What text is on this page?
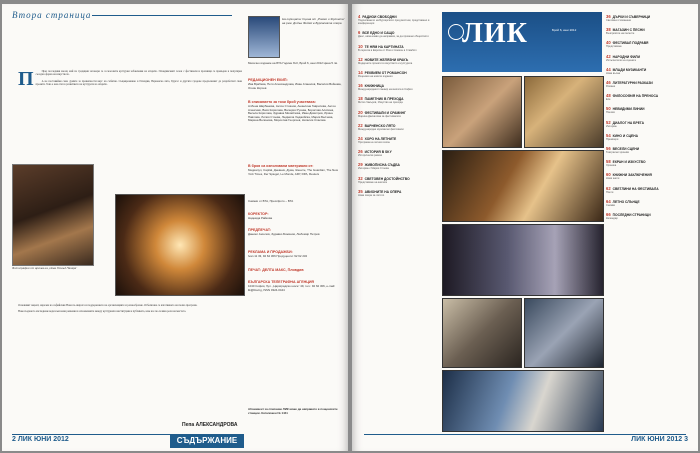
Втора страница

П	През последния месец май по традиция заговори се за масовите културни забавления на открито. Пловдивският сезон с фестивали и празници се превърна в популярна съседна форма на изкуството.

А не поставяйки само думите за правилности вкус на събитие. Същевременно в Пловдив, Варненско лято, Бургас и другите градове продължават да разработват свои проекти. Това е нов етап в развитието на културата на открито.

Фотография от архива на „Нова Отвъд Пазара“

Основният акцент, наречен на софийския Нова по-широта и поддържането на организациите и разнообразие. Отбелязана се изготвянето на пълна програма.

Новосъзданото изследване води към нови решения в отношенията между културните институции и публиката, към все по-голяма роля на мястото.

Пепа АЛЕКСАНДРОВА
2 ЛИК ЮНИ 2012	СЪДЪРЖАНИЕ
На корицата: Сцена от „Ромео и Жулиета“ на реж. Дийън Фиймс в Бургаската опера
Месечно издание на БТА Година XLII, Брой 6, юни 2012 Цена 5 лв.
РЕДАКЦИОНЕН ЕКИП:
Ива Врабева, Петя Александрова, Иван Атанасов, Василия Войнова, Огнян Кирчев
В списанието за този брой участваха:
Албена Шарбанова, Антон Стоянов, Анжелина Гаврилова, Антон Алексиев, Вася Кирилова, Валерия Русева, Борислав Алипиев, Весела Кирилова, Здравка Михайлова, Иван Димитров, Ирина Павлова, Лилия Стоева, Людмила Хаджийска, Мария Белчева, Марина Велинова, Мирослав Георгиев, Наталия Спасова
В броя са използвани материали от:
Медиапул, Capital, Дневник, Дума, Жените, The Guardian, The New York Times, Der Spiegel, Le Monde, AFP, DPA, Reuters
Снимки от БТА, Прессфото – БТА
КОРЕКТОР:
Надежда Райкова
ПРЕДПЕЧАТ:
Даниел Ангелов, Здравко Божинов, Любомир Петров
РЕКЛАМА И ПРОДАЖБИ:
Ivan 11 33, 92 62 306 Продуценти: 92 62 232
ПЕЧАТ: ДЕЛТА МАКС, Пловдив
БЪЛГАРСКА ТЕЛЕГРАФНА АГЕНЦИЯ
1040 София, бул. „Цариградско шосе“ 49, тел.: 92 62 306, e-mail: lik@bta.bg, ISSN 0324-0444
Абонамент за списание ЛИК може да направите в пощенските станции. Каталожен № 1441
4 РАДИОИ СВОБОДНИ
Подписването на Бургарското пред вестник, представено в конференция
6 ВСЕ ЕДНО И САЩО
Днес, няма какво да направим, за да промени обществото
10 ТЕ НЯМ НА КАРТИНАТА
В серията в Европа от Рим и Симеон в Стамбол
12 НОВИТЕ ЖЕЛЯЗНИ КРАКЪ
Модерните проекти в изкуството и културата
14 РЕКВИЕМ ОТ РОМАНСОН
Рецензия на новите издания
16 КНИЖНИЦА
Международният панаир на книгата в София
18 ПАМЕТНИК В ПРЕХОДА
Митко Чакъров, Изкуство на прехода
20 ФЕСТИВАЛИ И СРАМИНГ
Марина Даскалова за фестивалите
22 ВАРНЕНСКО ЛЯТО
Международни музикални фестивали
24 ХОРО НА ЛЕТНИТЕ
Програма на летния сезон
26 ИСТОРИЯ В SKY
Исторически разказ
29 ЖИВОПИСНА СЪДБА
Интервю с Мария Стоева
32 СВЕТОВЕН ДОСТОЙНСТВО
Представяне на книгата
35 АВИОНИТЕ НА ОПЕРА
Нова опера за лятото
ЛИК	Брой 6, юни 2012
36 ДЪРКИ И СЪВЕРНИЦИ
Световни стоманени
38 МАГАЗИН С ПЕСНИ
Възприятие на песните
40 ФЕСТИВАЛ ПОДРАВЯ
Представяне
42 НАРОДНИ ФИЛИ
Изпълнители на сцената
44 МЛАДИ МУЗИКАНТИ
Нова вълна
46 ЛИТЕРАТУРНИ РАЗКАЗИ
Романи
48 ФИЛОСОФИЯ НА ПРЕНОСА
Есе
50 НЕВИДИМИ ЛИНИИ
Поезия
52 ДИАЛОГ НА БРЕГА
Интервю
54 КИНО И СЦЕНА
Премиери
56 ВЕСЕЛИ СЦЕНИ
Театрални хроники
58 ЕКРАН И ИЗКУСТВО
Хроника
60 КНИЖНИ ЗАКЛЮЧЕНИЯ
Нови книги
62 СВЕТЛИНИ НА ФЕСТИВАЛА
Поети
64 ЛЕТНО СЛЪНЦЕ
Снимки
66 ПОСЛЕДНИ СТРАНИЦИ
Календар
ЛИК ЮНИ 2012 3
